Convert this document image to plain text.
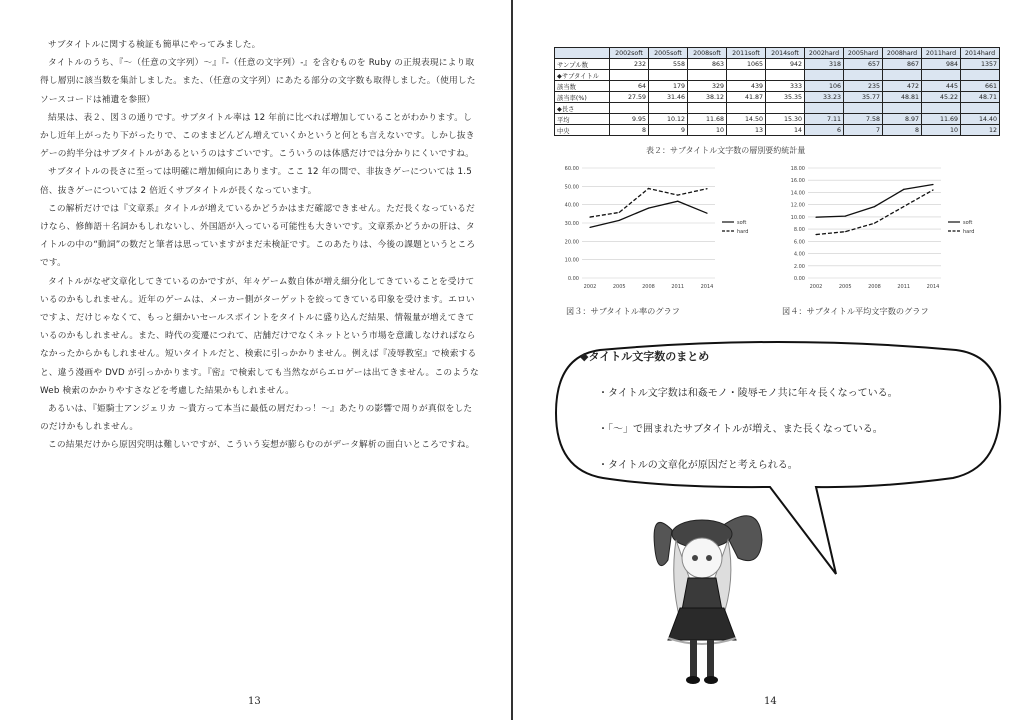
サブタイトルに関する検証も簡単にやってみました。

タイトルのうち、『～（任意の文字列）～』『-（任意の文字列）-』を含むものを Ruby の正規表現により取得し層別に該当数を集計しました。また、（任意の文字列）にあたる部分の文字数も取得しました。（使用したソースコードは補遺を参照）

結果は、表２、図３の通りです。サブタイトル率は 12 年前に比べれば増加していることがわかります。しかし近年上がったり下がったりで、このままどんどん増えていくかというと何とも言えないです。しかし抜きゲーの約半分はサブタイトルがあるというのはすごいです。こういうのは体感だけでは分かりにくいですね。

サブタイトルの長さに至っては明確に増加傾向にあります。ここ 12 年の間で、非抜きゲーについては 1.5 倍、抜きゲーについては 2 倍近くサブタイトルが長くなっています。

この解析だけでは『文章系』タイトルが増えているかどうかはまだ確認できません。ただ長くなっているだけなら、修飾語＋名詞かもしれないし、外国語が入っている可能性も大きいです。文章系かどうかの肝は、タイトルの中の“動詞”の数だと筆者は思っていますがまだ未検証です。このあたりは、今後の課題というところです。

タイトルがなぜ文章化してきているのかですが、年々ゲーム数自体が増え細分化してきていることを受けているのかもしれません。近年のゲームは、メーカー側がターゲットを絞ってきている印象を受けます。エロいですよ、だけじゃなくて、もっと細かいセールスポイントをタイトルに盛り込んだ結果、情報量が増えてきているのかもしれません。また、時代の変遷につれて、店舗だけでなくネットという市場を意識しなければならなかったからかもしれません。短いタイトルだと、検索に引っかかりません。例えば『凌辱教室』で検索すると、違う漫画や DVD が引っかかります。『密』で検索しても当然ながらエロゲーは出てきません。このような Web 検索のかかりやすさなどを考慮した結果かもしれません。

あるいは、『姫騎士アンジェリカ ～貴方って本当に最低の屑だわっ！～』あたりの影響で周りが真似をしたのだけかもしれません。

この結果だけから原因究明は難しいですが、こういう妄想が膨らむのがデータ解析の面白いところですね。

13
	2002soft	2005soft	2008soft	2011soft	2014soft	2002hard	2005hard	2008hard	2011hard	2014hard
サンプル数	232	558	863	1065	942	318	657	867	984	1357
◆サブタイトル										
該当数	64	179	329	439	333	106	235	472	445	661
該当率(%)	27.59	31.46	38.12	41.87	35.35	33.23	35.77	48.81	45.22	48.71
◆長さ										
平均	9.95	10.12	11.68	14.50	15.30	7.11	7.58	8.97	11.69	14.40
中央	8	9	10	13	14	6	7	8	10	12
表２：サブタイトル文字数の層別要約統計量
0.00
10.00
20.00
30.00
40.00
50.00
60.00
2002	2005	2008	2011	2014
soft
hard
0.00
2.00
4.00
6.00
8.00
10.00
12.00
14.00
16.00
18.00
2002	2005	2008	2011	2014
soft
hard
図３：サブタイトル率のグラフ	図４：サブタイトル平均文字数のグラフ
◆タイトル文字数のまとめ
・タイトル文字数は和姦モノ・陵辱モノ共に年々長くなっている。
・「～」で囲まれたサブタイトルが増え、また長くなっている。
・タイトルの文章化が原因だと考えられる。
14
